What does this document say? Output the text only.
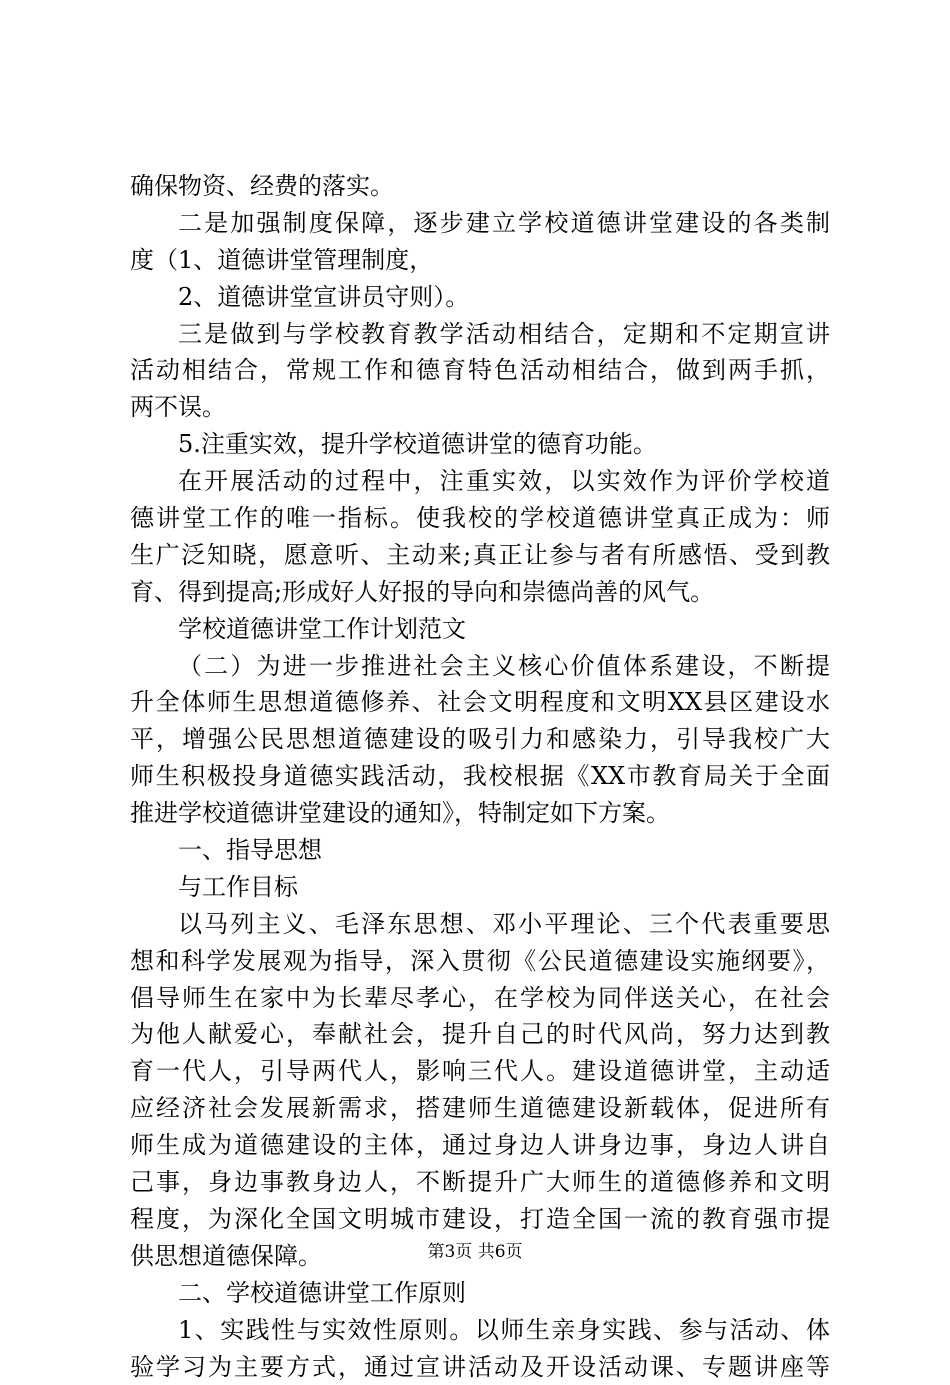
确保物资、经费的落实。
二是加强制度保障，逐步建立学校道德讲堂建设的各类制
度（1、道德讲堂管理制度，
2、道德讲堂宣讲员守则）。
三是做到与学校教育教学活动相结合，定期和不定期宣讲
活动相结合，常规工作和德育特色活动相结合，做到两手抓，
两不误。
5.注重实效，提升学校道德讲堂的德育功能。
在开展活动的过程中，注重实效，以实效作为评价学校道
德讲堂工作的唯一指标。使我校的学校道德讲堂真正成为：师
生广泛知晓，愿意听、主动来;真正让参与者有所感悟、受到教
育、得到提高;形成好人好报的导向和崇德尚善的风气。
学校道德讲堂工作计划范文
（二）为进一步推进社会主义核心价值体系建设，不断提
升全体师生思想道德修养、社会文明程度和文明XX县区建设水
平，增强公民思想道德建设的吸引力和感染力，引导我校广大
师生积极投身道德实践活动，我校根据《XX市教育局关于全面
推进学校道德讲堂建设的通知》，特制定如下方案。
一、指导思想
与工作目标
以马列主义、毛泽东思想、邓小平理论、三个代表重要思
想和科学发展观为指导，深入贯彻《公民道德建设实施纲要》，
倡导师生在家中为长辈尽孝心，在学校为同伴送关心，在社会
为他人献爱心，奉献社会，提升自己的时代风尚，努力达到教
育一代人，引导两代人，影响三代人。建设道德讲堂，主动适
应经济社会发展新需求，搭建师生道德建设新载体，促进所有
师生成为道德建设的主体，通过身边人讲身边事，身边人讲自
己事，身边事教身边人，不断提升广大师生的道德修养和文明
程度，为深化全国文明城市建设，打造全国一流的教育强市提
供思想道德保障。
二、学校道德讲堂工作原则
1、实践性与实效性原则。以师生亲身实践、参与活动、体
验学习为主要方式，通过宣讲活动及开设活动课、专题讲座等
第3页 共6页
